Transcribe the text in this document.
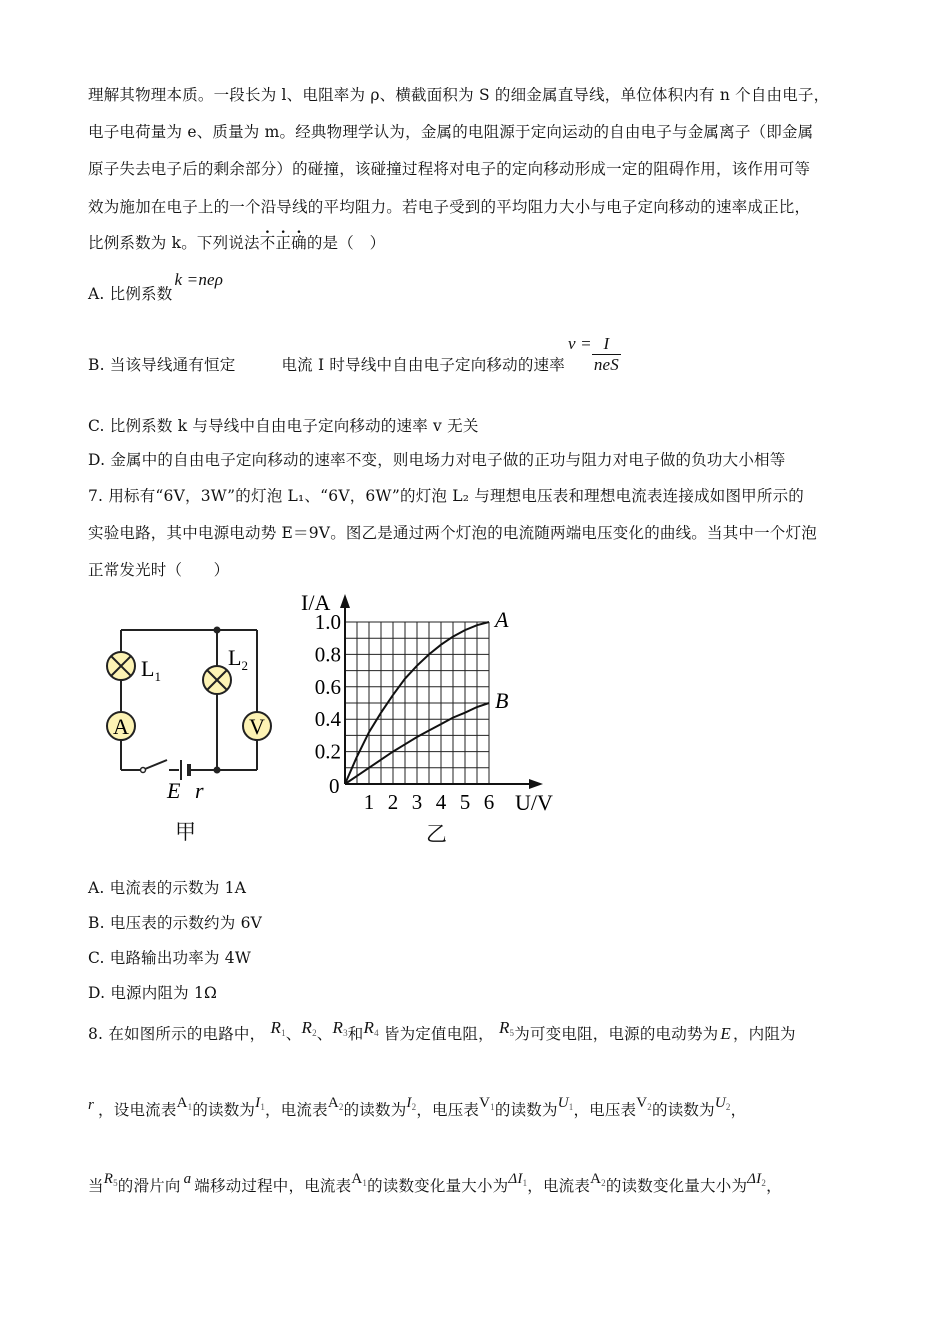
理解其物理本质。一段长为 l、电阻率为 ρ、横截面积为 S 的细金属直导线，单位体积内有 n 个自由电子，
电子电荷量为 e、质量为 m。经典物理学认为，金属的电阻源于定向运动的自由电子与金属离子（即金属
原子失去电子后的剩余部分）的碰撞，该碰撞过程将对电子的定向移动形成一定的阻碍作用，该作用可等
效为施加在电子上的一个沿导线的平均阻力。若电子受到的平均阻力大小与电子定向移动的速率成正比，
比例系数为 k。下列说法不正确的是（　）
A. 比例系数k =neρ
B. 当该导线通有恒定	电流 I 时导线中自由电子定向移动的速率$v = \frac{I}{\text{neS}}$
C. 比例系数 k 与导线中自由电子定向移动的速率 v 无关
D. 金属中的自由电子定向移动的速率不变，则电场力对电子做的正功与阻力对电子做的负功大小相等
7. 用标有“6V，3W”的灯泡 L₁、“6V，6W”的灯泡 L₂ 与理想电压表和理想电流表连接成如图甲所示的
实验电路，其中电源电动势 E＝9V。图乙是通过两个灯泡的电流随两端电压变化的曲线。当其中一个灯泡
正常发光时（　　）
$L_1$
$L_2$
A	V
E r
甲
1 2 3 4 5 6
0.2
0.4
0.6
0.8
1.0	A
B
I/A
U/V
0
乙
A. 电流表的示数为 1A
B. 电压表的示数约为 6V
C. 电路输出功率为 4W
D. 电源内阻为 1Ω
8. 在如图所示的电路中， $R_1$、$R_2$、$R_3$和$R_4$ 皆为定值电阻， $R_5$为可变电阻，电源的电动势为 E ，内阻为
r ，设电流表$A_1$的读数为$I_1$，电流表$A_2$的读数为$I_2$，电压表$V_1$的读数为$U_1$，电压表$V_2$的读数为$U_2$，
当$R_5$的滑片向 a 端移动过程中，电流表$A_1$的读数变化量大小为$\Delta I_1$，电流表$A_2$的读数变化量大小为$\Delta I_2$，
